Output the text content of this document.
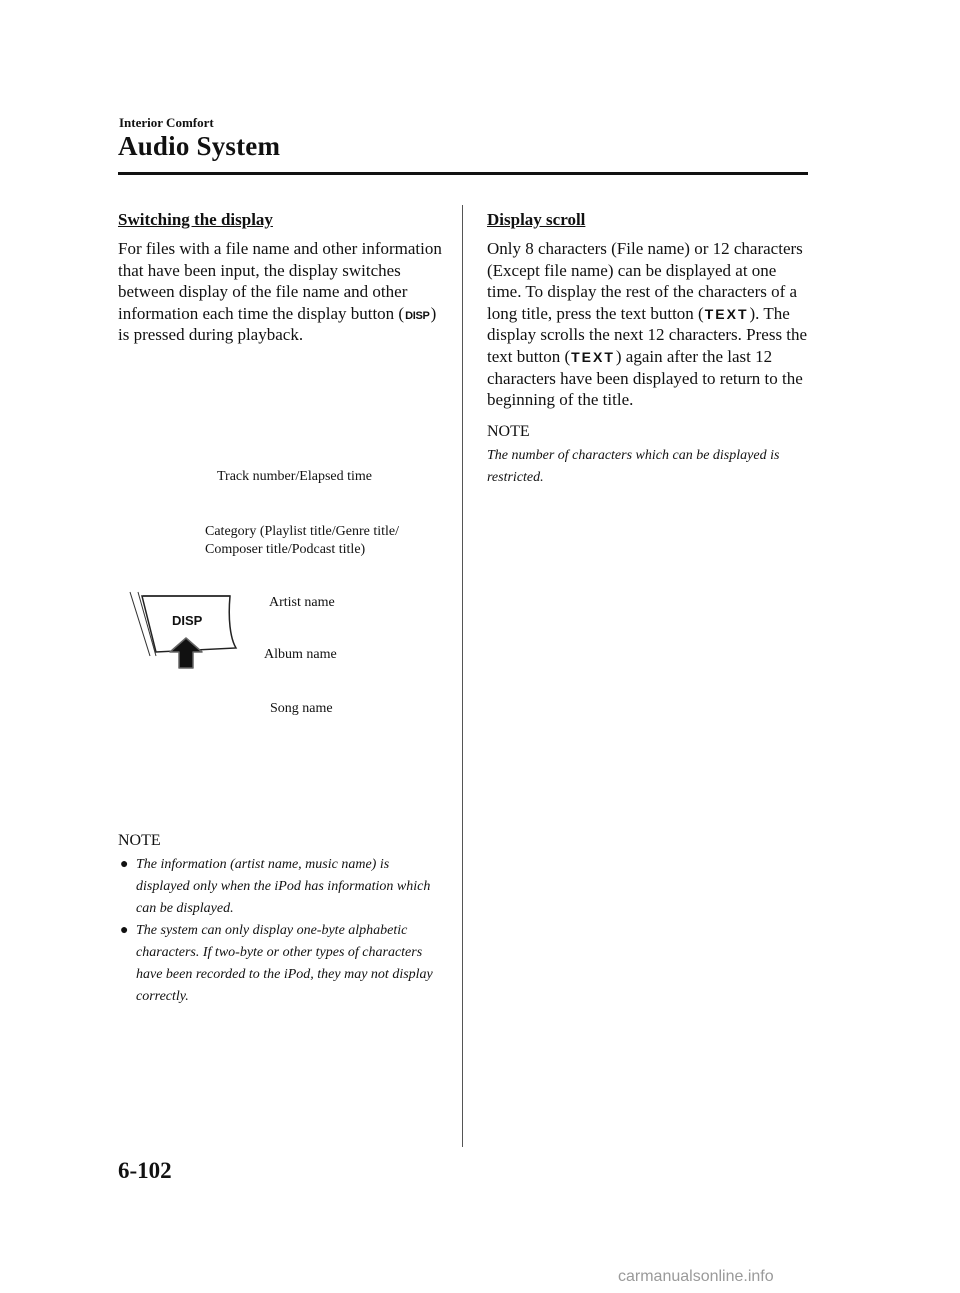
Interior Comfort
Audio System
Switching the display

For files with a file name and other information that have been input, the display switches between display of the file name and other information each time the display button (DISP) is pressed during playback.

DISP
Track number/Elapsed time
Category (Playlist title/Genre title/ Composer title/Podcast title)
Artist name
Album name
Song name
NOTE
● The information (artist name, music name) is displayed only when the iPod has information which can be displayed.
● The system can only display one-byte alphabetic characters. If two-byte or other types of characters have been recorded to the iPod, they may not display correctly.
Display scroll

Only 8 characters (File name) or 12 characters (Except file name) can be displayed at one time. To display the rest of the characters of a long title, press the text button (TEXT). The display scrolls the next 12 characters. Press the text button (TEXT) again after the last 12 characters have been displayed to return to the beginning of the title.

NOTE

The number of characters which can be displayed is restricted.

6-102
carmanualsonline.info
